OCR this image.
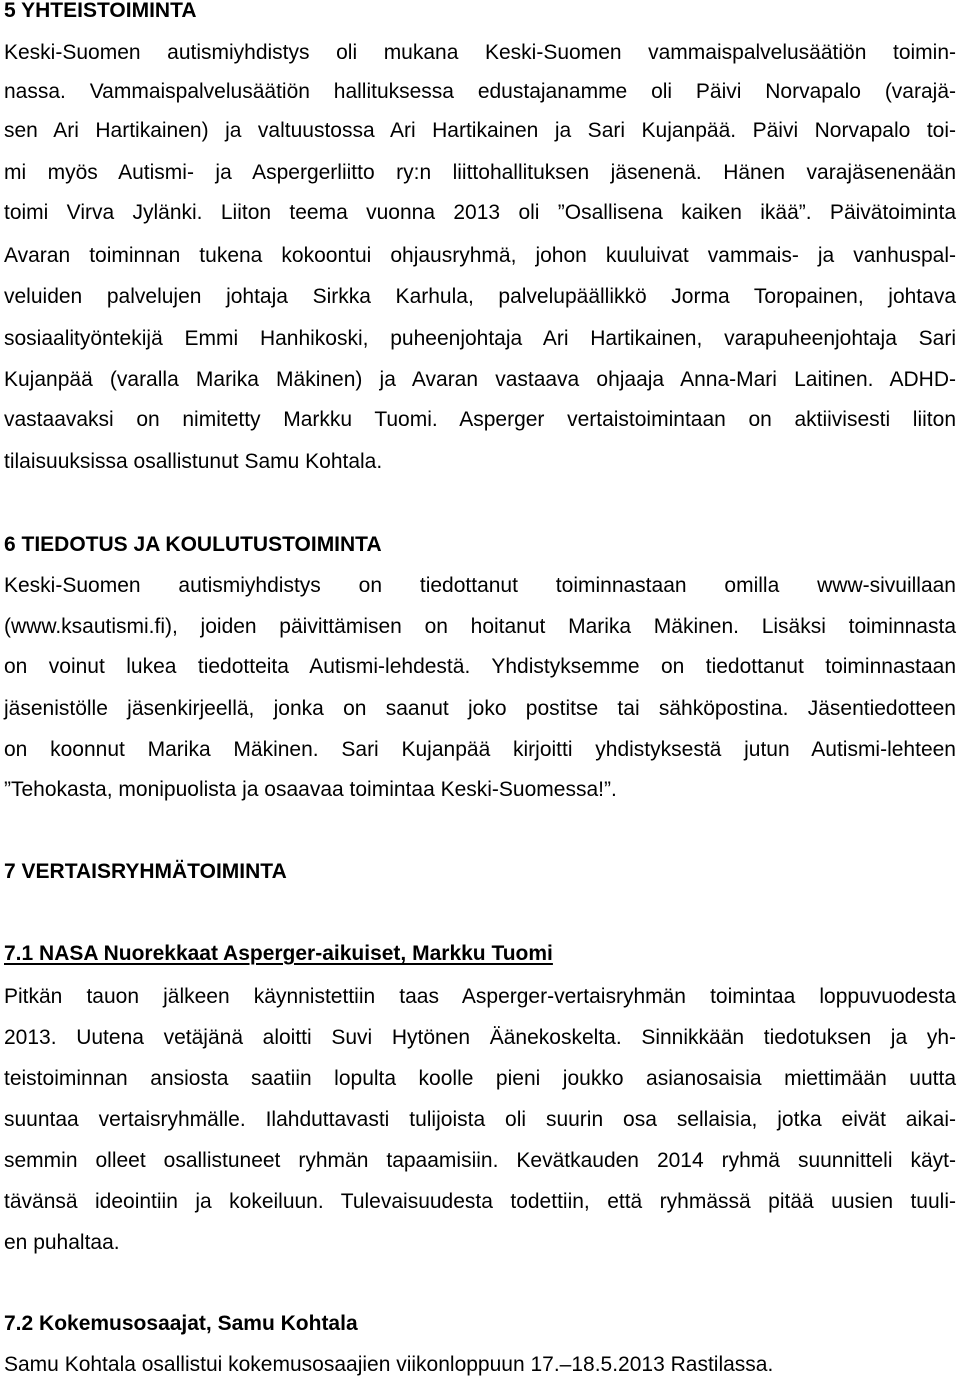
5 YHTEISTOIMINTA
Keski-Suomen autismiyhdistys oli mukana Keski-Suomen vammaispalvelusäätiön toimin-
nassa. Vammaispalvelusäätiön hallituksessa edustajanamme oli Päivi Norvapalo (varajä-
sen Ari Hartikainen) ja valtuustossa Ari Hartikainen ja Sari Kujanpää. Päivi Norvapalo toi-
mi myös Autismi- ja Aspergerliitto ry:n liittohallituksen jäsenenä. Hänen varajäsenenään
toimi Virva Jylänki. Liiton teema vuonna 2013 oli ”Osallisena kaiken ikää”. Päivätoiminta
Avaran toiminnan tukena kokoontui ohjausryhmä, johon kuuluivat vammais- ja vanhuspal-
veluiden palvelujen johtaja Sirkka Karhula, palvelupäällikkö Jorma Toropainen, johtava
sosiaalityöntekijä Emmi Hanhikoski, puheenjohtaja Ari Hartikainen, varapuheenjohtaja Sari
Kujanpää (varalla Marika Mäkinen) ja Avaran vastaava ohjaaja Anna-Mari Laitinen. ADHD-
vastaavaksi on nimitetty Markku Tuomi. Asperger vertaistoimintaan on aktiivisesti liiton
tilaisuuksissa osallistunut Samu Kohtala.
6 TIEDOTUS JA KOULUTUSTOIMINTA
Keski-Suomen autismiyhdistys on tiedottanut toiminnastaan omilla www-sivuillaan
(www.ksautismi.fi), joiden päivittämisen on hoitanut Marika Mäkinen. Lisäksi toiminnasta
on voinut lukea tiedotteita Autismi-lehdestä. Yhdistyksemme on tiedottanut toiminnastaan
jäsenistölle jäsenkirjeellä, jonka on saanut joko postitse tai sähköpostina. Jäsentiedotteen
on koonnut Marika Mäkinen. Sari Kujanpää kirjoitti yhdistyksestä jutun Autismi-lehteen
”Tehokasta, monipuolista ja osaavaa toimintaa Keski-Suomessa!”.
7 VERTAISRYHMÄTOIMINTA
7.1 NASA Nuorekkaat Asperger-aikuiset, Markku Tuomi
Pitkän tauon jälkeen käynnistettiin taas Asperger-vertaisryhmän toimintaa loppuvuodesta
2013. Uutena vetäjänä aloitti Suvi Hytönen Äänekoskelta. Sinnikkään tiedotuksen ja yh-
teistoiminnan ansiosta saatiin lopulta koolle pieni joukko asianosaisia miettimään uutta
suuntaa vertaisryhmälle. Ilahduttavasti tulijoista oli suurin osa sellaisia, jotka eivät aikai-
semmin olleet osallistuneet ryhmän tapaamisiin. Kevätkauden 2014 ryhmä suunnitteli käyt-
tävänsä ideointiin ja kokeiluun. Tulevaisuudesta todettiin, että ryhmässä pitää uusien tuuli-
en puhaltaa.
7.2 Kokemusosaajat, Samu Kohtala
Samu Kohtala osallistui kokemusosaajien viikonloppuun 17.–18.5.2013 Rastilassa.
